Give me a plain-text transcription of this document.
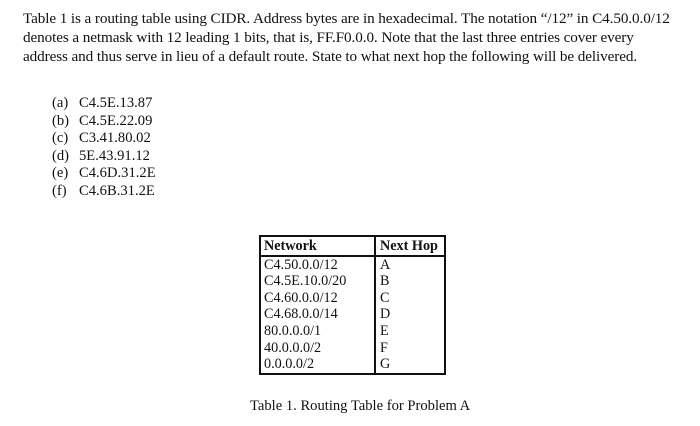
Table 1 is a routing table using CIDR. Address bytes are in hexadecimal. The notation “/12” in C4.50.0.0/12 denotes a netmask with 12 leading 1 bits, that is, FF.F0.0.0. Note that the last three entries cover every address and thus serve in lieu of a default route. State to what next hop the following will be delivered.

(a) C4.5E.13.87
(b) C4.5E.22.09
(c) C3.41.80.02
(d) 5E.43.91.12
(e) C4.6D.31.2E
(f) C4.6B.31.2E
Network	Next Hop
C4.50.0.0/12	A
C4.5E.10.0/20	B
C4.60.0.0/12	C
C4.68.0.0/14	D
80.0.0.0/1	E
40.0.0.0/2	F
0.0.0.0/2	G

Table 1. Routing Table for Problem A
